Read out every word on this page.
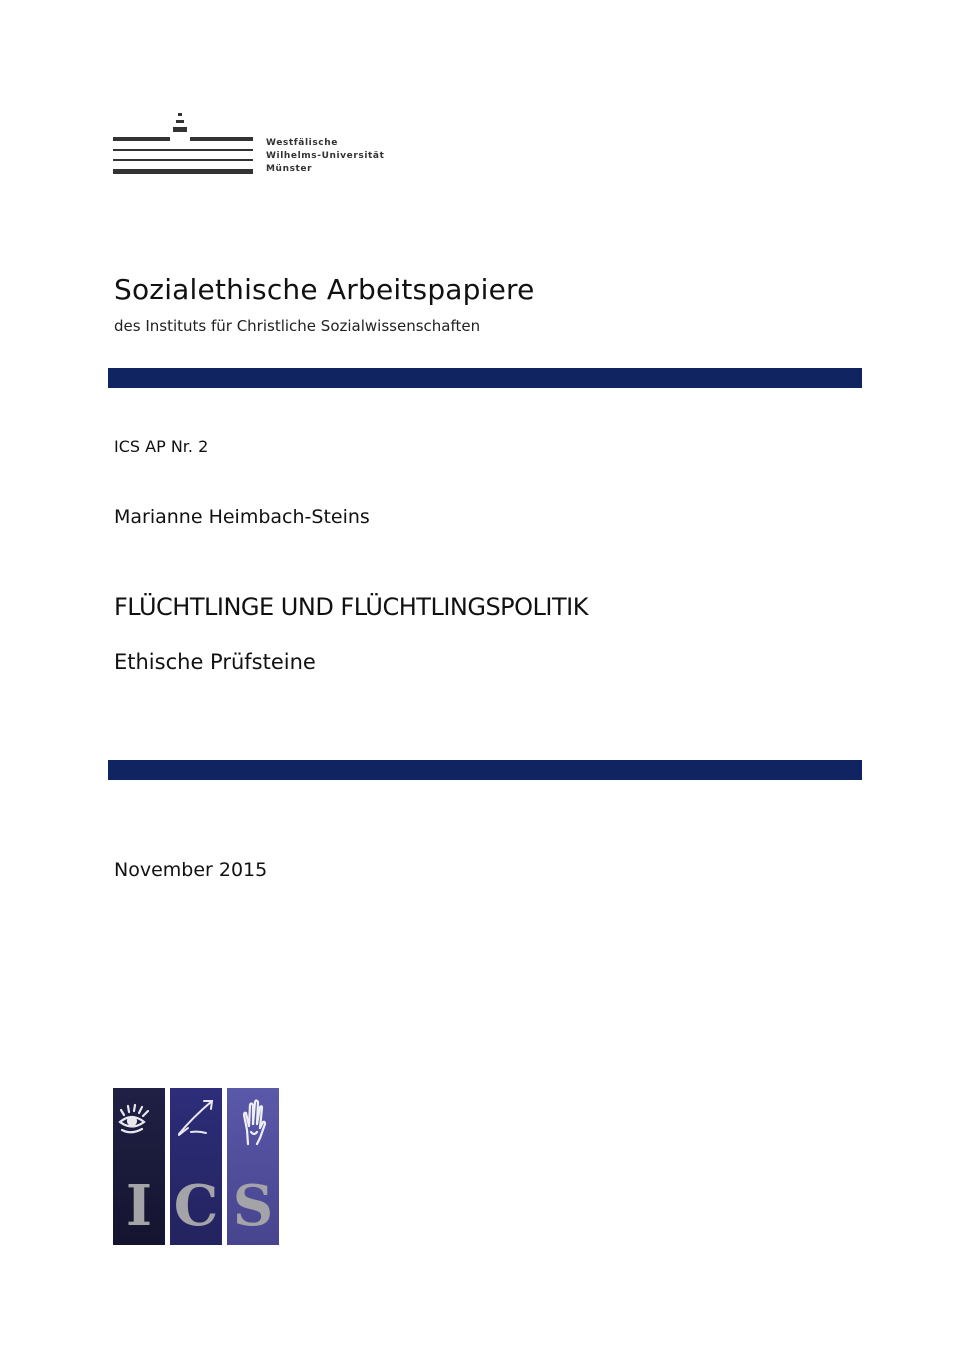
Westfälische
Wilhelms-Universität
Münster
Sozialethische Arbeitspapiere
des Instituts für Christliche Sozialwissenschaften
ICS AP Nr. 2
Marianne Heimbach-Steins
FLÜCHTLINGE UND FLÜCHTLINGSPOLITIK
Ethische Prüfsteine
November 2015
I C S
